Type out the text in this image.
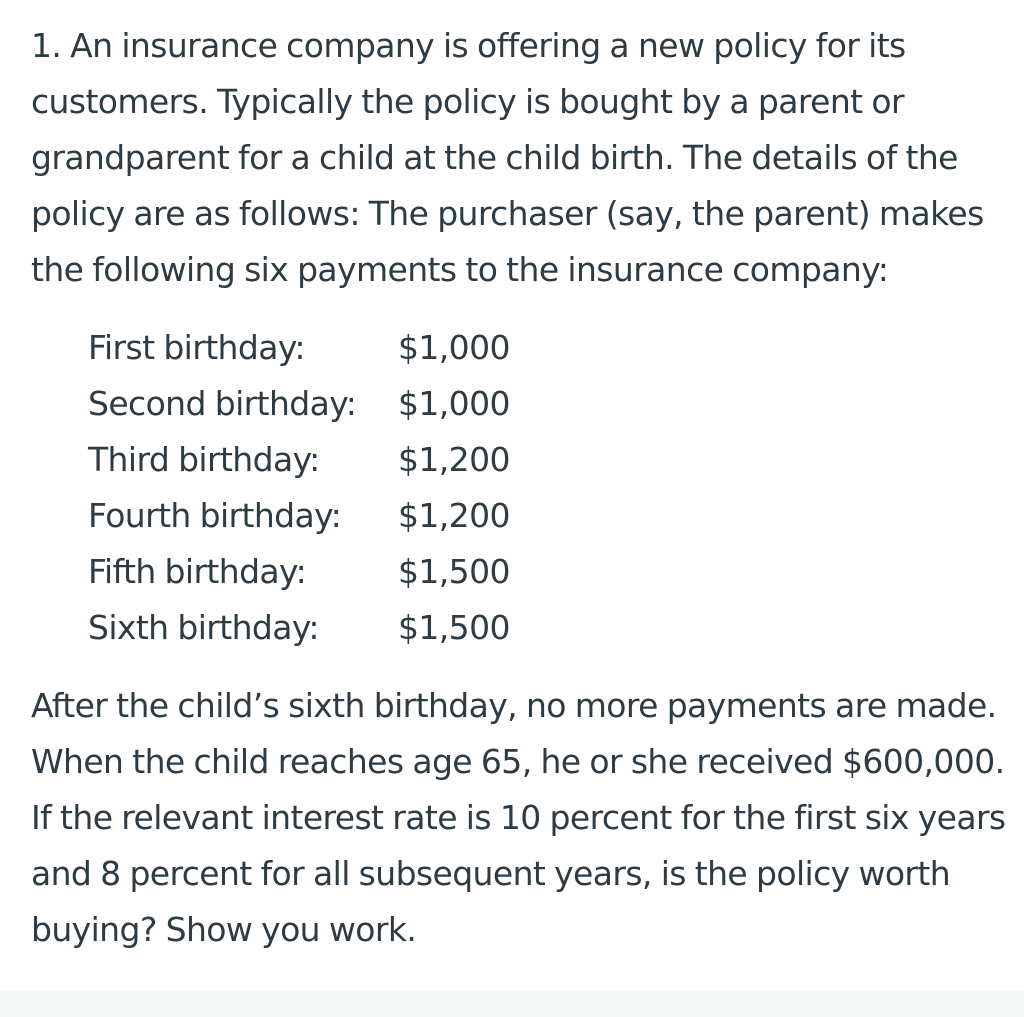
1. An insurance company is offering a new policy for its customers. Typically the policy is bought by a parent or grandparent for a child at the child birth. The details of the policy are as follows: The purchaser (say, the parent) makes the following six payments to the insurance company:

First birthday:	$1,000
Second birthday:	$1,000
Third birthday:	$1,200
Fourth birthday:	$1,200
Fifth birthday:	$1,500
Sixth birthday:	$1,500

After the child’s sixth birthday, no more payments are made. When the child reaches age 65, he or she received $600,000. If the relevant interest rate is 10 percent for the first six years and 8 percent for all subsequent years, is the policy worth buying? Show you work.
